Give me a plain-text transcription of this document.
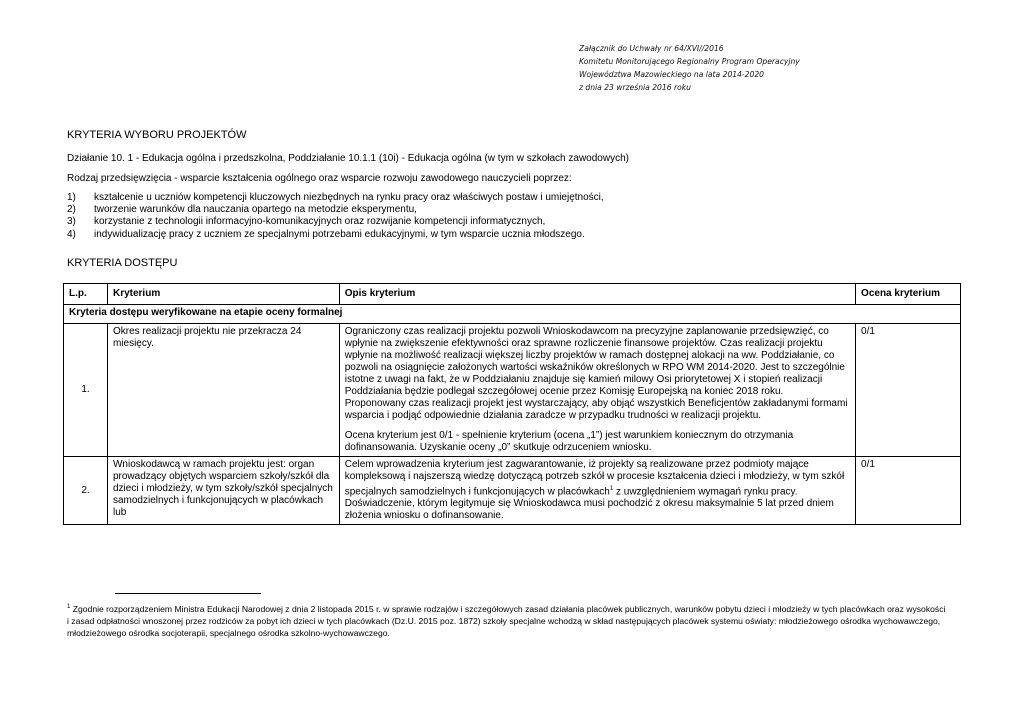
Załącznik do Uchwały nr 64/XVI//2016
Komitetu Monitorującego Regionalny Program Operacyjny
Województwa Mazowieckiego na lata 2014-2020
z dnia 23 września 2016 roku
KRYTERIA WYBORU PROJEKTÓW
Działanie 10. 1 - Edukacja ogólna i przedszkolna, Poddziałanie 10.1.1 (10i) - Edukacja ogólna (w tym w szkołach zawodowych)
Rodzaj przedsięwzięcia - wsparcie kształcenia ogólnego oraz wsparcie rozwoju zawodowego nauczycieli poprzez:
1)	kształcenie u uczniów kompetencji kluczowych niezbędnych na rynku pracy oraz właściwych postaw i umiejętności,
2)	tworzenie warunków dla nauczania opartego na metodzie eksperymentu,
3)	korzystanie z technologii informacyjno-komunikacyjnych oraz rozwijanie kompetencji informatycznych,
4)	indywidualizację pracy z uczniem ze specjalnymi potrzebami edukacyjnymi, w tym wsparcie ucznia młodszego.
KRYTERIA DOSTĘPU
L.p.	Kryterium	Opis kryterium	Ocena kryterium
Kryteria dostępu weryfikowane na etapie oceny formalnej			
1.	Okres realizacji projektu nie przekracza 24 miesięcy.	Ograniczony czas realizacji projektu pozwoli Wnioskodawcom na precyzyjne zaplanowanie przedsięwzięć, co wpłynie na zwiększenie efektywności oraz sprawne rozliczenie finansowe projektów. Czas realizacji projektu wpłynie na możliwość realizacji większej liczby projektów w ramach dostępnej alokacji na ww. Poddziałanie, co pozwoli na osiągnięcie założonych wartości wskaźników określonych w RPO WM 2014-2020. Jest to szczególnie istotne z uwagi na fakt, że w Poddziałaniu znajduje się kamień milowy Osi priorytetowej X i stopień realizacji Poddziałania będzie podlegał szczegółowej ocenie przez Komisję Europejską na koniec 2018 roku.

Proponowany czas realizacji projekt jest wystarczający, aby objąć wszystkich Beneficjentów zakładanymi formami wsparcia i podjąć odpowiednie działania zaradcze w przypadku trudności w realizacji projektu.

Ocena kryterium jest 0/1 - spełnienie kryterium (ocena „1”) jest warunkiem koniecznym do otrzymania dofinansowania. Uzyskanie oceny „0” skutkuje odrzuceniem wniosku.	0/1
2.	Wnioskodawcą w ramach projektu jest: organ prowadzący objętych wsparciem szkoły/szkół dla dzieci i młodzieży, w tym szkoły/szkół specjalnych samodzielnych i funkcjonujących w placówkach lub	Celem wprowadzenia kryterium jest zagwarantowanie, iż projekty są realizowane przez podmioty mające kompleksową i najszerszą wiedzę dotyczącą potrzeb szkół w procesie kształcenia dzieci i młodzieży, w tym szkół specjalnych samodzielnych i funkcjonujących w placówkach$^1$ z uwzględnieniem wymagań rynku pracy.

Doświadczenie, którym legitymuje się Wnioskodawca musi pochodzić z okresu maksymalnie 5 lat przed dniem złożenia wniosku o dofinansowanie.	0/1
$^1$ Zgodnie rozporządzeniem Ministra Edukacji Narodowej z dnia 2 listopada 2015 r. w sprawie rodzajów i szczegółowych zasad działania placówek publicznych, warunków pobytu dzieci i młodzieży w tych placówkach oraz wysokości i zasad odpłatności wnoszonej przez rodziców za pobyt ich dzieci w tych placówkach (Dz.U. 2015 poz. 1872) szkoły specjalne wchodzą w skład następujących placówek systemu oświaty: młodzieżowego ośrodka wychowawczego, młodzieżowego ośrodka socjoterapii, specjalnego ośrodka szkolno-wychowawczego.
